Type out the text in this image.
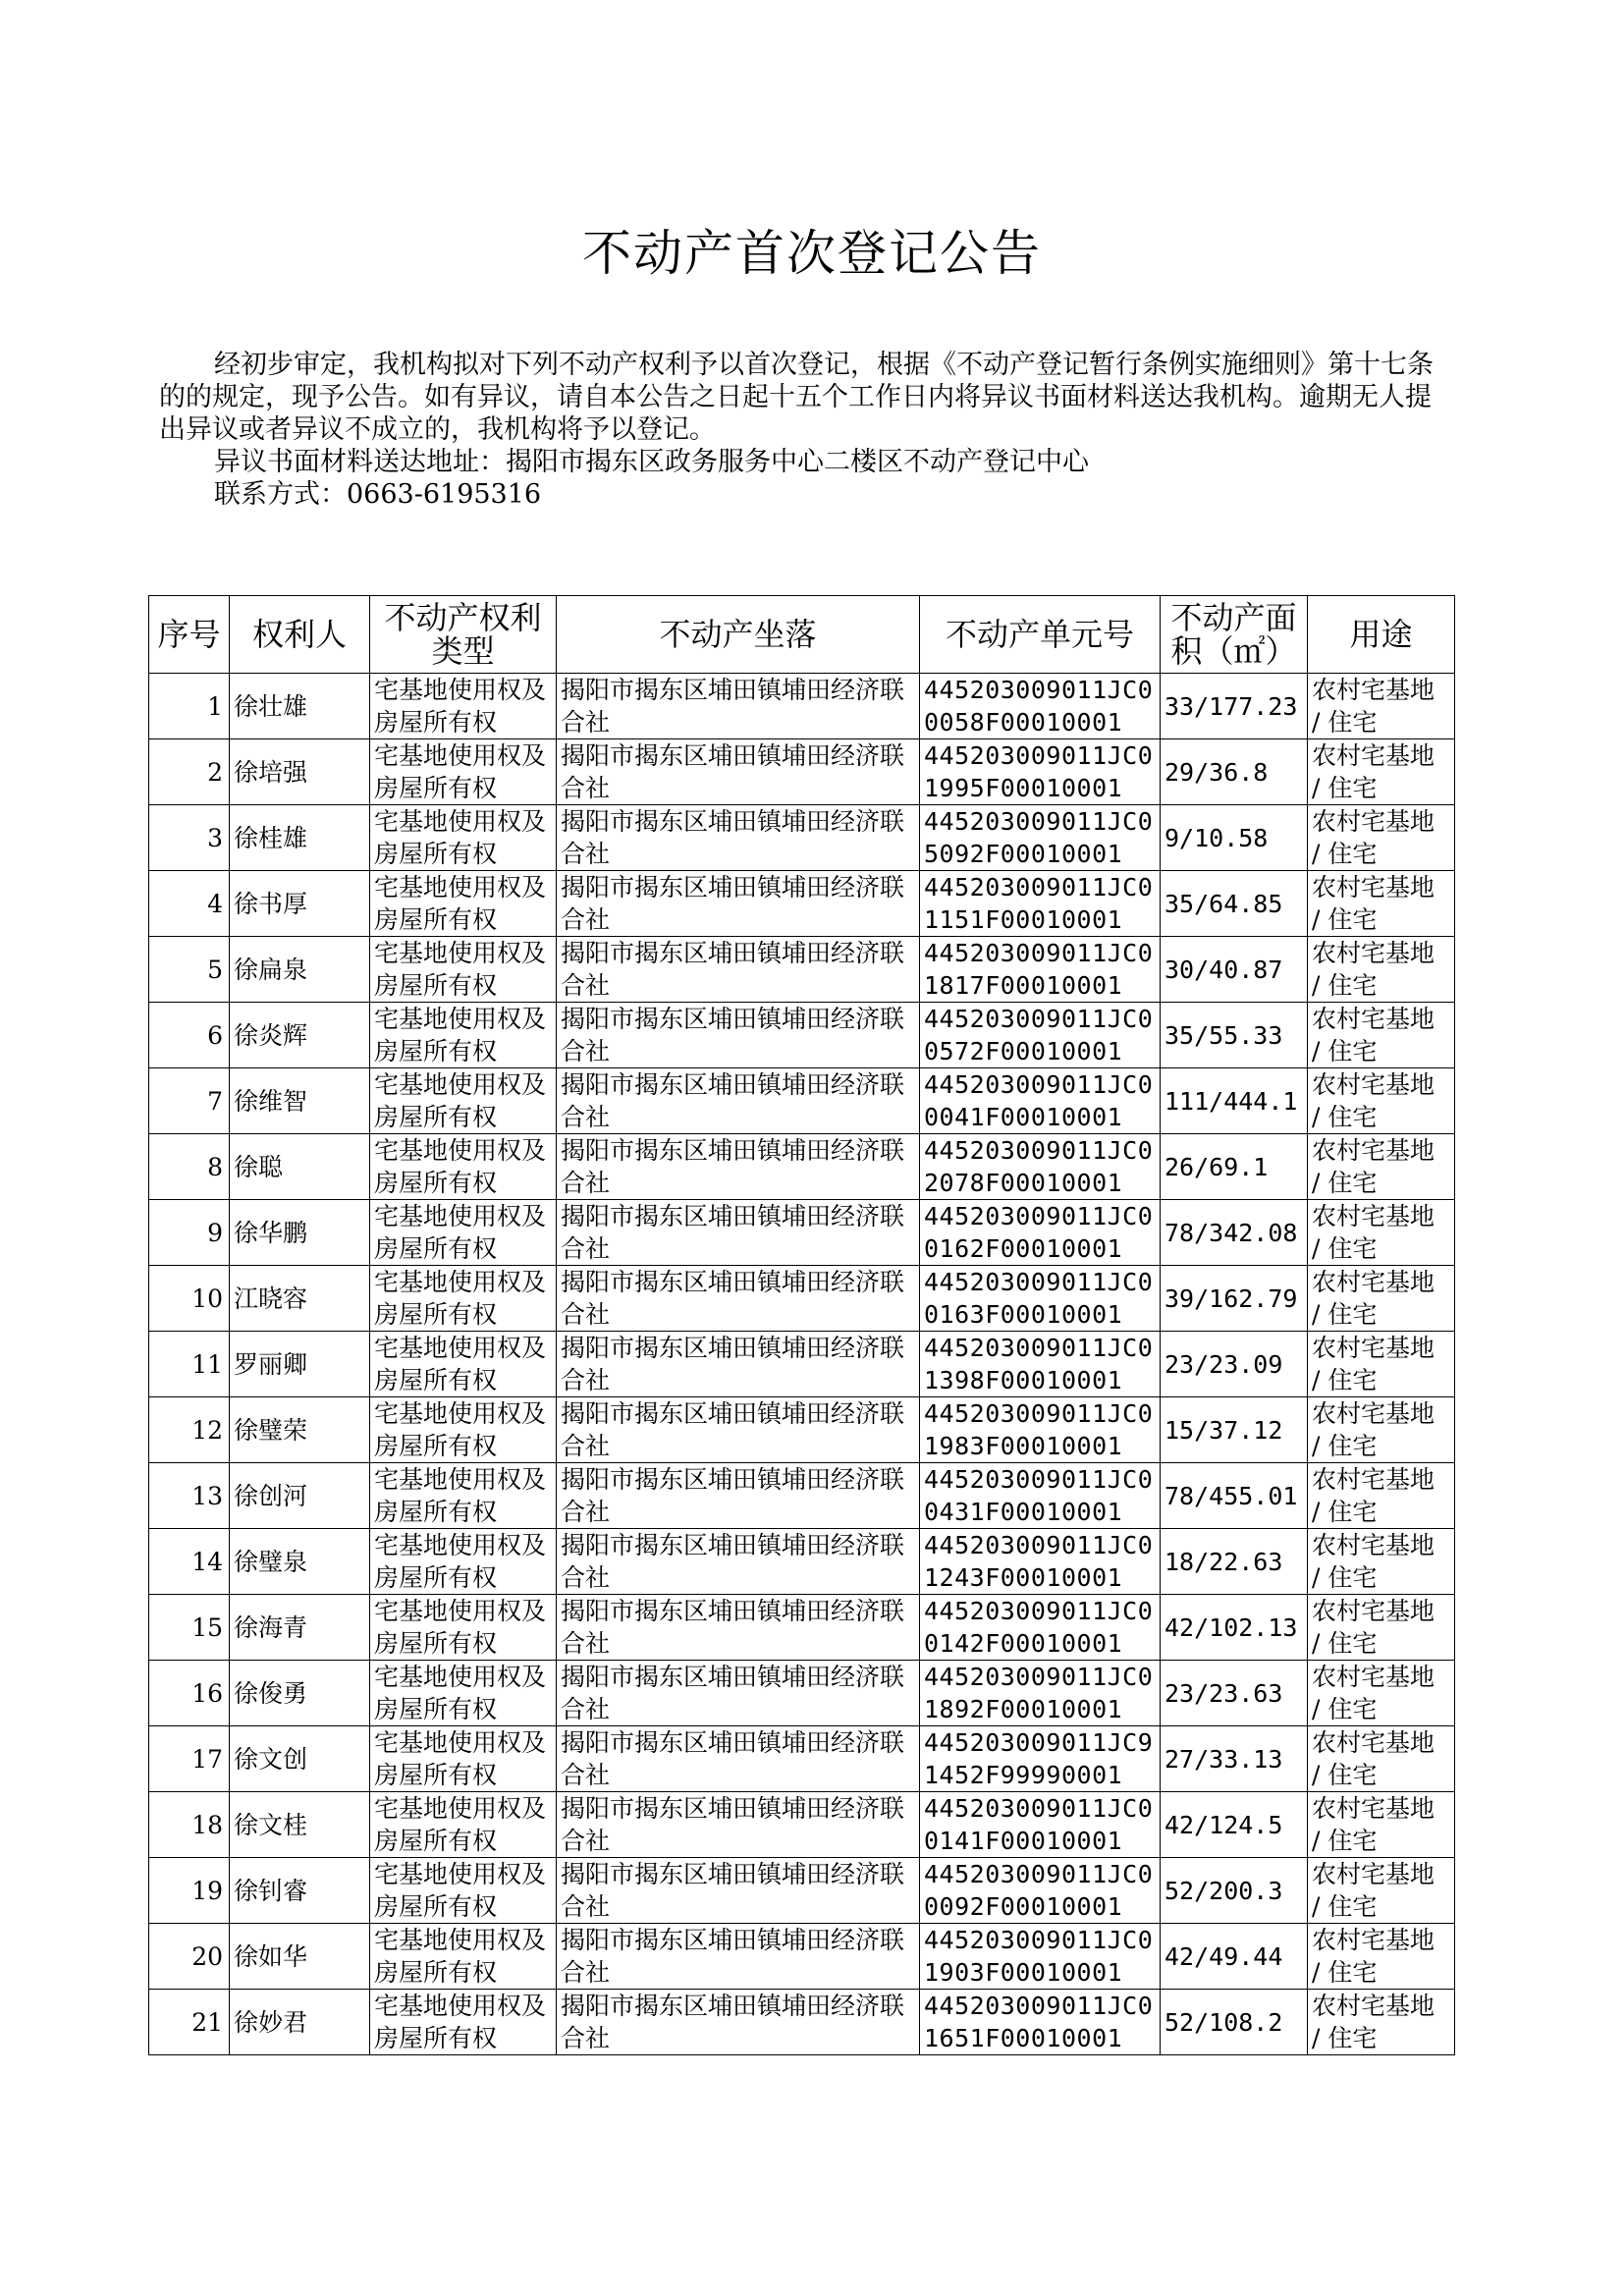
不动产首次登记公告

经初步审定，我机构拟对下列不动产权利予以首次登记，根据《不动产登记暂行条例实施细则》第十七条的的规定，现予公告。如有异议，请自本公告之日起十五个工作日内将异议书面材料送达我机构。逾期无人提出异议或者异议不成立的，我机构将予以登记。

异议书面材料送达地址：揭阳市揭东区政务服务中心二楼区不动产登记中心

联系方式：0663-6195316

序号	权利人	不动产权利类型	不动产坐落	不动产单元号	不动产面积（㎡）	用途
1	徐壮雄	宅基地使用权及房屋所有权	揭阳市揭东区埔田镇埔田经济联合社	445203009011JC00058F00010001	33/177.23	农村宅基地 / 住宅
2	徐培强	宅基地使用权及房屋所有权	揭阳市揭东区埔田镇埔田经济联合社	445203009011JC01995F00010001	29/36.8	农村宅基地 / 住宅
3	徐桂雄	宅基地使用权及房屋所有权	揭阳市揭东区埔田镇埔田经济联合社	445203009011JC05092F00010001	9/10.58	农村宅基地 / 住宅
4	徐书厚	宅基地使用权及房屋所有权	揭阳市揭东区埔田镇埔田经济联合社	445203009011JC01151F00010001	35/64.85	农村宅基地 / 住宅
5	徐扁泉	宅基地使用权及房屋所有权	揭阳市揭东区埔田镇埔田经济联合社	445203009011JC01817F00010001	30/40.87	农村宅基地 / 住宅
6	徐炎辉	宅基地使用权及房屋所有权	揭阳市揭东区埔田镇埔田经济联合社	445203009011JC00572F00010001	35/55.33	农村宅基地 / 住宅
7	徐维智	宅基地使用权及房屋所有权	揭阳市揭东区埔田镇埔田经济联合社	445203009011JC00041F00010001	111/444.1	农村宅基地 / 住宅
8	徐聪	宅基地使用权及房屋所有权	揭阳市揭东区埔田镇埔田经济联合社	445203009011JC02078F00010001	26/69.1	农村宅基地 / 住宅
9	徐华鹏	宅基地使用权及房屋所有权	揭阳市揭东区埔田镇埔田经济联合社	445203009011JC00162F00010001	78/342.08	农村宅基地 / 住宅
10	江晓容	宅基地使用权及房屋所有权	揭阳市揭东区埔田镇埔田经济联合社	445203009011JC00163F00010001	39/162.79	农村宅基地 / 住宅
11	罗丽卿	宅基地使用权及房屋所有权	揭阳市揭东区埔田镇埔田经济联合社	445203009011JC01398F00010001	23/23.09	农村宅基地 / 住宅
12	徐璧荣	宅基地使用权及房屋所有权	揭阳市揭东区埔田镇埔田经济联合社	445203009011JC01983F00010001	15/37.12	农村宅基地 / 住宅
13	徐创河	宅基地使用权及房屋所有权	揭阳市揭东区埔田镇埔田经济联合社	445203009011JC00431F00010001	78/455.01	农村宅基地 / 住宅
14	徐璧泉	宅基地使用权及房屋所有权	揭阳市揭东区埔田镇埔田经济联合社	445203009011JC01243F00010001	18/22.63	农村宅基地 / 住宅
15	徐海青	宅基地使用权及房屋所有权	揭阳市揭东区埔田镇埔田经济联合社	445203009011JC00142F00010001	42/102.13	农村宅基地 / 住宅
16	徐俊勇	宅基地使用权及房屋所有权	揭阳市揭东区埔田镇埔田经济联合社	445203009011JC01892F00010001	23/23.63	农村宅基地 / 住宅
17	徐文创	宅基地使用权及房屋所有权	揭阳市揭东区埔田镇埔田经济联合社	445203009011JC91452F99990001	27/33.13	农村宅基地 / 住宅
18	徐文桂	宅基地使用权及房屋所有权	揭阳市揭东区埔田镇埔田经济联合社	445203009011JC00141F00010001	42/124.5	农村宅基地 / 住宅
19	徐钊睿	宅基地使用权及房屋所有权	揭阳市揭东区埔田镇埔田经济联合社	445203009011JC00092F00010001	52/200.3	农村宅基地 / 住宅
20	徐如华	宅基地使用权及房屋所有权	揭阳市揭东区埔田镇埔田经济联合社	445203009011JC01903F00010001	42/49.44	农村宅基地 / 住宅
21	徐妙君	宅基地使用权及房屋所有权	揭阳市揭东区埔田镇埔田经济联合社	445203009011JC01651F00010001	52/108.2	农村宅基地 / 住宅
